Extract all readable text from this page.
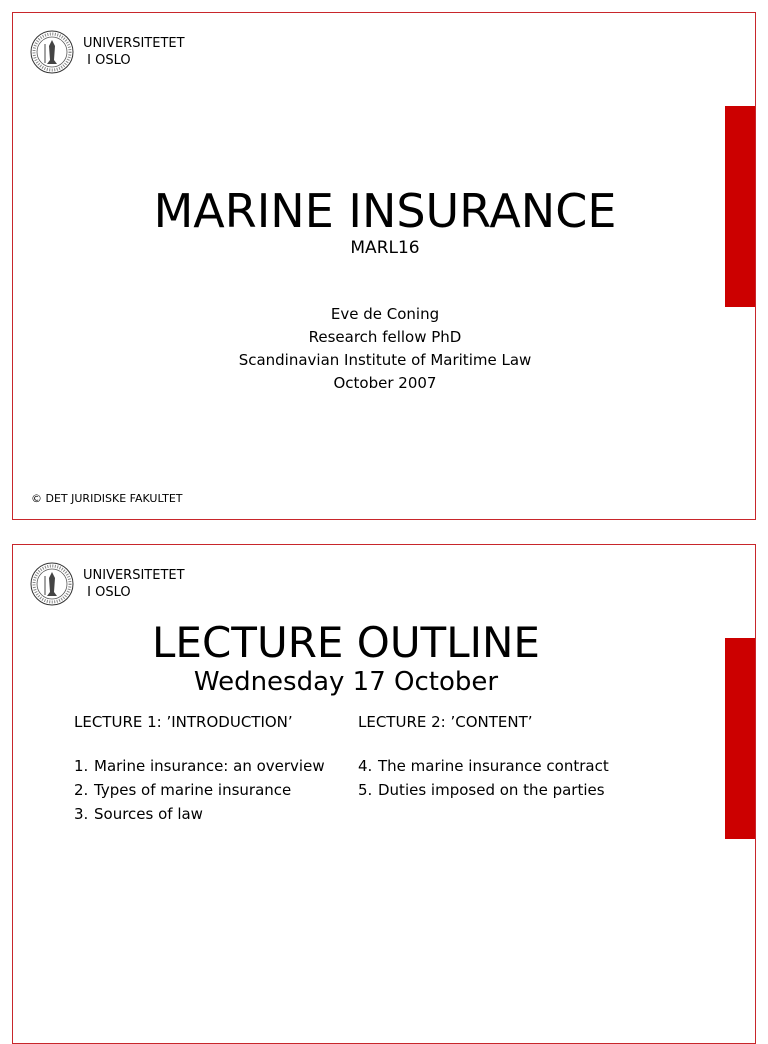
UNIVERSITETET
I OSLO
MARINE INSURANCE
MARL16
Eve de Coning
Research fellow PhD
Scandinavian Institute of Maritime Law
October 2007
© DET JURIDISKE FAKULTET
UNIVERSITETET
I OSLO
LECTURE OUTLINE
Wednesday 17 October
LECTURE 1: ’INTRODUCTION’
1. Marine insurance: an overview
2. Types of marine insurance
3. Sources of law
LECTURE 2: ’CONTENT’
4. The marine insurance contract
5. Duties imposed on the parties
